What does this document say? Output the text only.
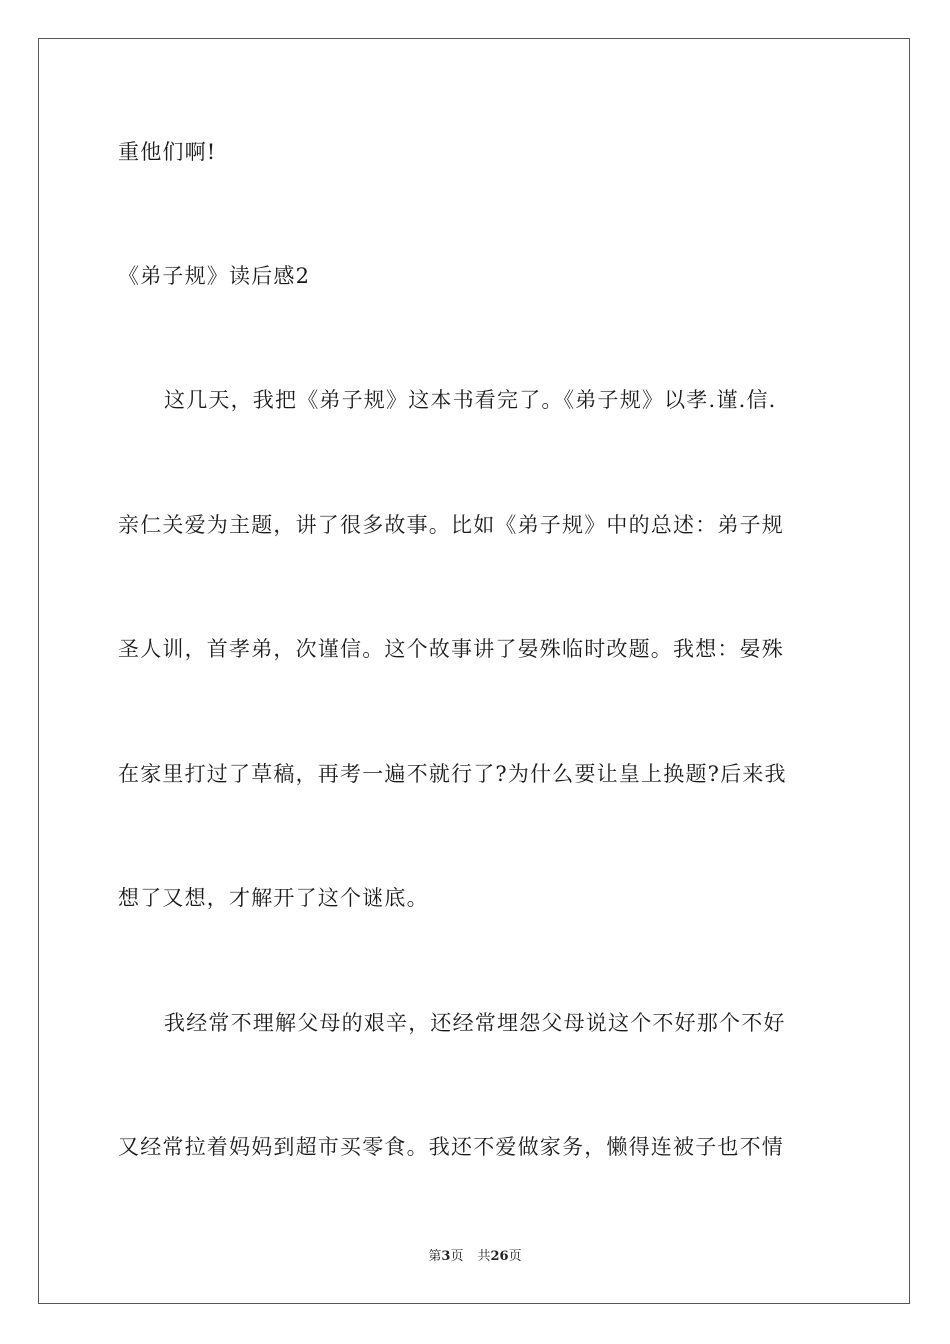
重他们啊!
《弟子规》读后感2
这几天，我把《弟子规》这本书看完了。《弟子规》以孝.谨.信.
亲仁关爱为主题，讲了很多故事。比如《弟子规》中的总述：弟子规
圣人训，首孝弟，次谨信。这个故事讲了晏殊临时改题。我想：晏殊
在家里打过了草稿，再考一遍不就行了?为什么要让皇上换题?后来我
想了又想，才解开了这个谜底。
我经常不理解父母的艰辛，还经常埋怨父母说这个不好那个不好
又经常拉着妈妈到超市买零食。我还不爱做家务，懒得连被子也不情
第3页 共26页
